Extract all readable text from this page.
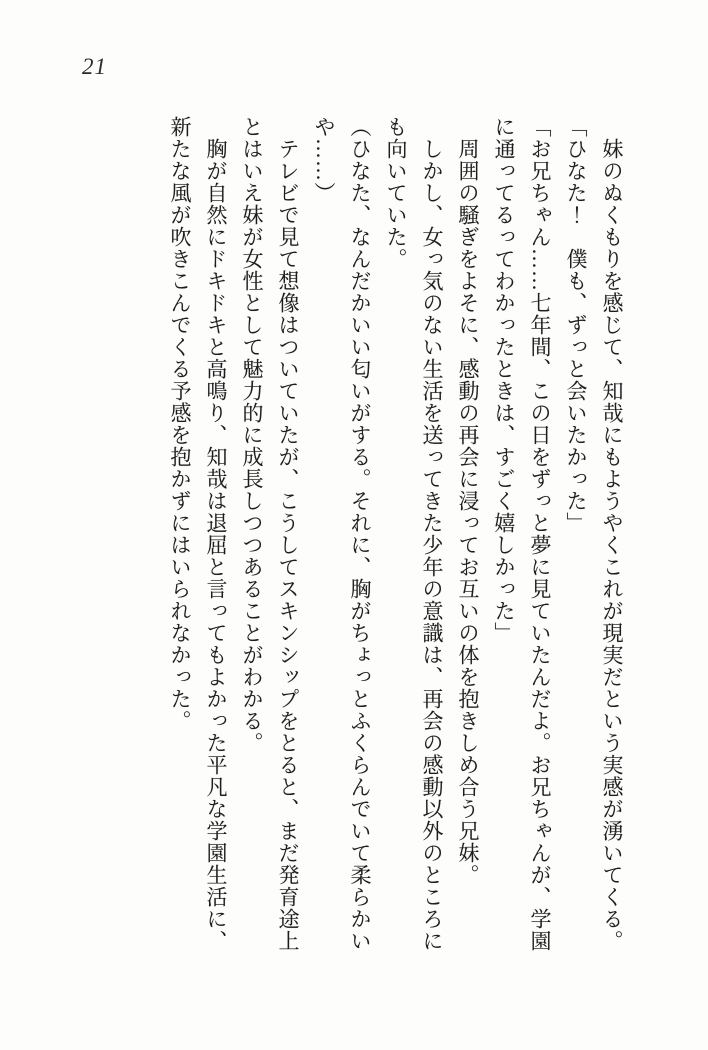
21
　妹のぬくもりを感じて、知哉にもようやくこれが現実だという実感が湧いてくる。
「ひなた！　僕も、ずっと会いたかった」
「お兄ちゃん……七年間、この日をずっと夢に見ていたんだよ。お兄ちゃんが、学園
に通ってるってわかったときは、すごく嬉しかった」
　周囲の騒ぎをよそに、感動の再会に浸ってお互いの体を抱きしめ合う兄妹。
　しかし、女っ気のない生活を送ってきた少年の意識は、再会の感動以外のところに
も向いていた。
（ひなた、なんだかいい匂いがする。それに、胸がちょっとふくらんでいて柔らかい
や……）
　テレビで見て想像はついていたが、こうしてスキンシップをとると、まだ発育途上
とはいえ妹が女性として魅力的に成長しつつあることがわかる。
　胸が自然にドキドキと高鳴り、知哉は退屈と言ってもよかった平凡な学園生活に、
新たな風が吹きこんでくる予感を抱かずにはいられなかった。
